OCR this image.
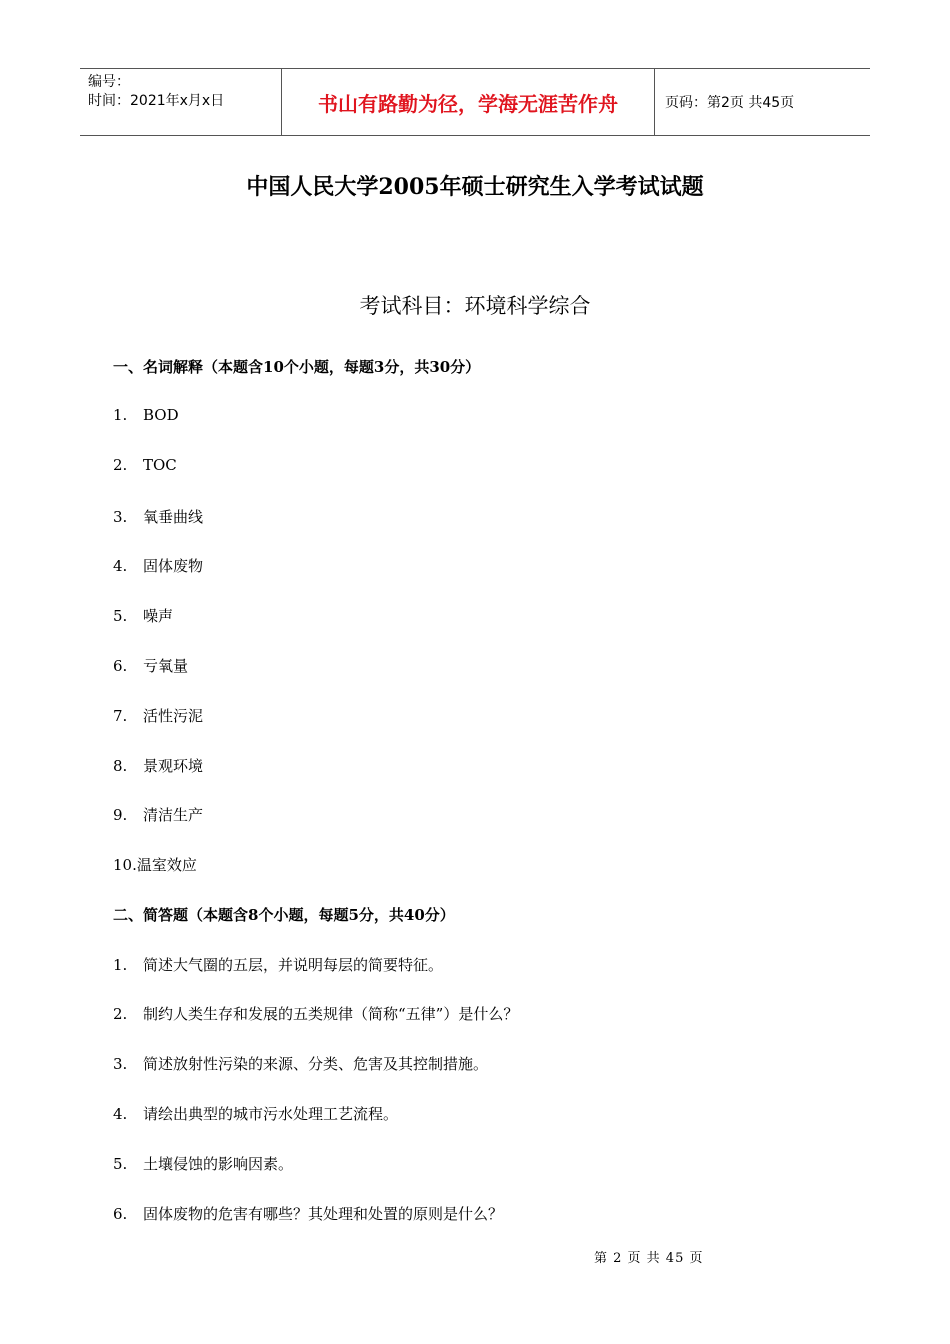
编号：
时间：2021年x月x日	书山有路勤为径，学海无涯苦作舟	页码：第2页 共45页
中国人民大学2005年硕士研究生入学考试试题
考试科目：环境科学综合
一、名词解释（本题含10个小题，每题3分，共30分）
1. BOD
2. TOC
3. 氧垂曲线
4. 固体废物
5. 噪声
6. 亏氧量
7. 活性污泥
8. 景观环境
9. 清洁生产
10.温室效应
二、简答题（本题含8个小题，每题5分，共40分）
1. 简述大气圈的五层，并说明每层的简要特征。
2. 制约人类生存和发展的五类规律（简称“五律”）是什么？
3. 简述放射性污染的来源、分类、危害及其控制措施。
4. 请绘出典型的城市污水处理工艺流程。
5. 土壤侵蚀的影响因素。
6. 固体废物的危害有哪些？其处理和处置的原则是什么？
第 2 页 共 45 页
